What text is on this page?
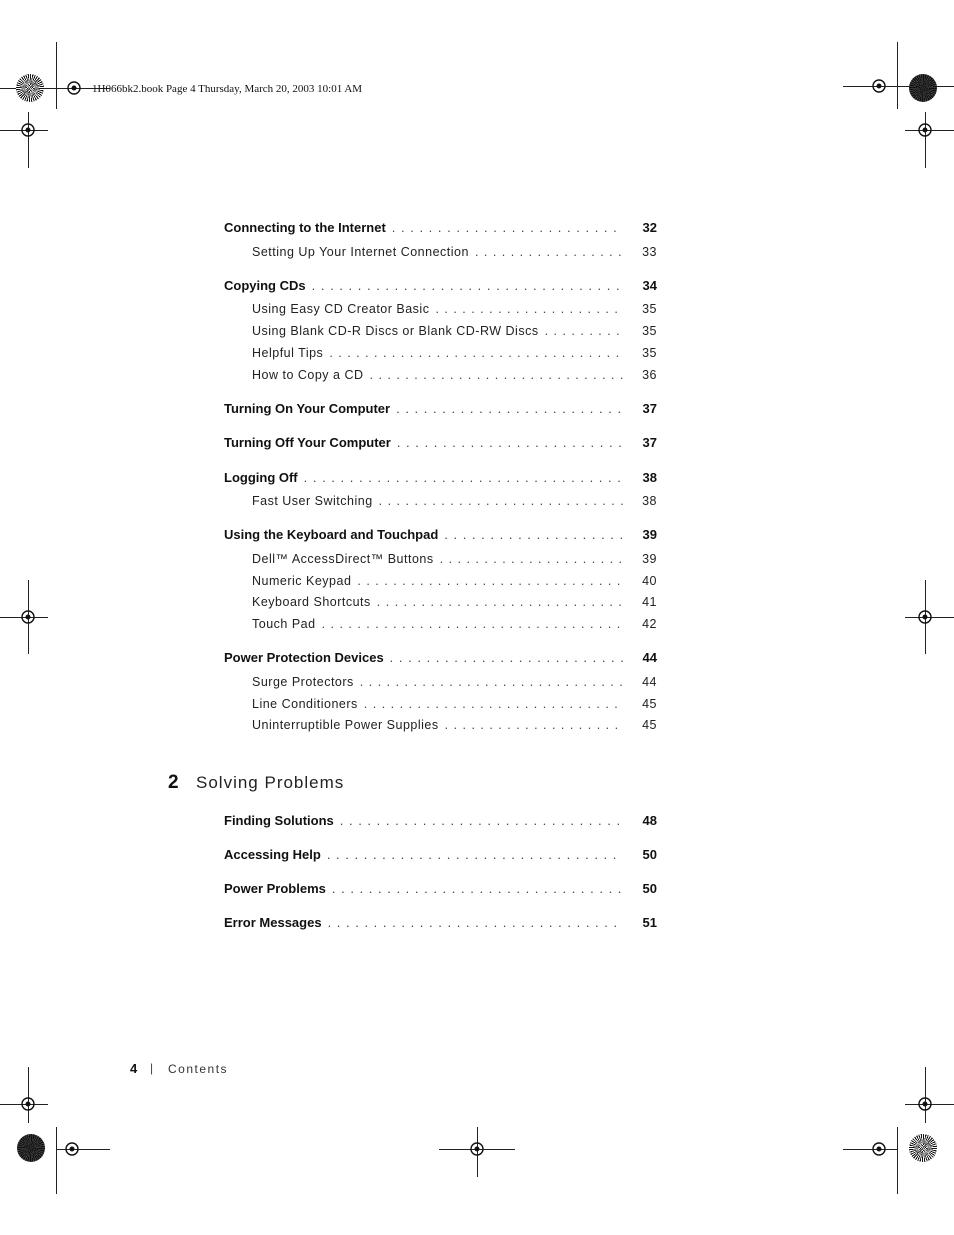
1H066bk2.book Page 4 Thursday, March 20, 2003 10:01 AM
Connecting to the Internet . . .	32
Setting Up Your Internet Connection . . .	33
Copying CDs . . .	34
Using Easy CD Creator Basic . . .	35
Using Blank CD-R Discs or Blank CD-RW Discs . . .	35
Helpful Tips . . .	35
How to Copy a CD . . .	36
Turning On Your Computer . . .	37
Turning Off Your Computer . . .	37
Logging Off . . .	38
Fast User Switching . . .	38
Using the Keyboard and Touchpad . . .	39
Dell™ AccessDirect™ Buttons . . .	39
Numeric Keypad . . .	40
Keyboard Shortcuts . . .	41
Touch Pad . . .	42
Power Protection Devices . . .	44
Surge Protectors . . .	44
Line Conditioners . . .	45
Uninterruptible Power Supplies . . .	45
2 Solving Problems
Finding Solutions . . .	48
Accessing Help . . .	50
Power Problems . . .	50
Error Messages . . .	51
4 | Contents
